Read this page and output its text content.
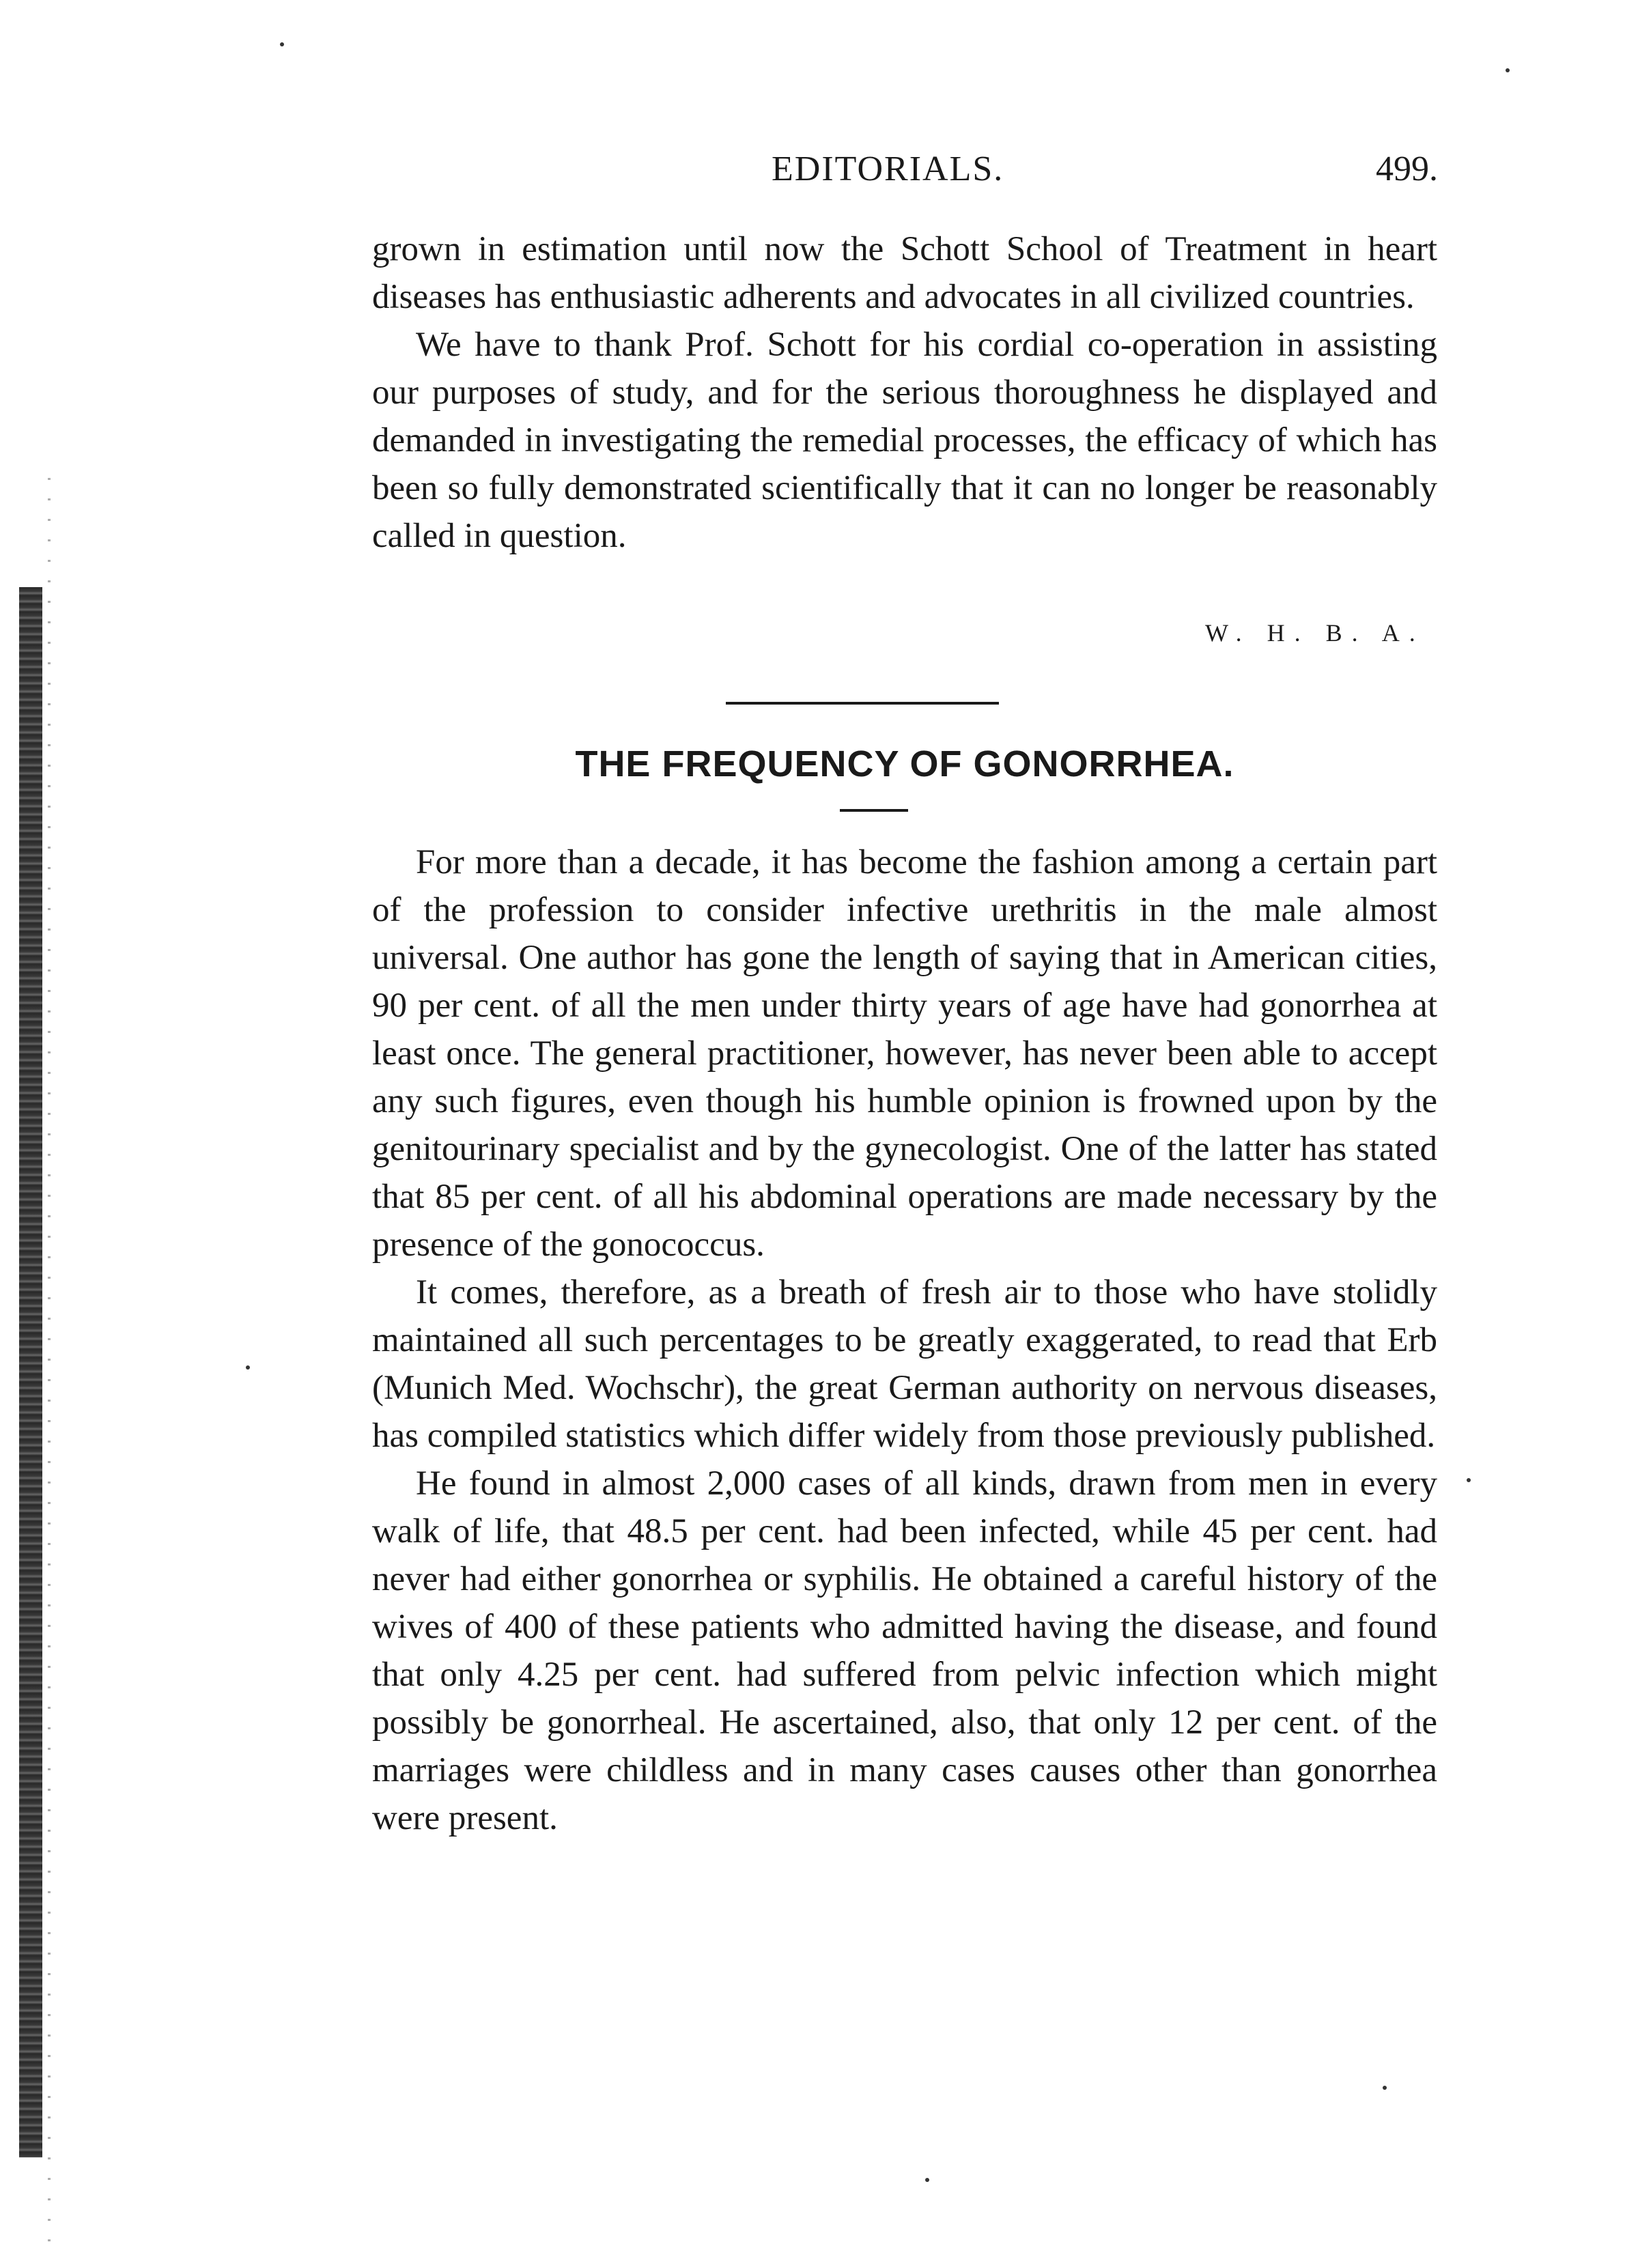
EDITORIALS.	499.

grown in estimation until now the Schott School of Treatment in heart diseases has enthusiastic adherents and advocates in all civilized countries.

We have to thank Prof. Schott for his cordial co-operation in assisting our purposes of study, and for the serious thoroughness he displayed and demanded in investigating the remedial processes, the efficacy of which has been so fully demonstrated scientifically that it can no longer be reasonably called in question.

W. H. B. A.
THE FREQUENCY OF GONORRHEA.

For more than a decade, it has become the fashion among a certain part of the profession to consider infective urethritis in the male almost universal. One author has gone the length of saying that in American cities, 90 per cent. of all the men under thirty years of age have had gonorrhea at least once. The general practitioner, however, has never been able to accept any such figures, even though his humble opinion is frowned upon by the genitourinary specialist and by the gynecologist. One of the latter has stated that 85 per cent. of all his abdominal operations are made necessary by the presence of the gonococcus.

It comes, therefore, as a breath of fresh air to those who have stolidly maintained all such percentages to be greatly exaggerated, to read that Erb (Munich Med. Wochschr), the great German authority on nervous diseases, has compiled statistics which differ widely from those previously published.

He found in almost 2,000 cases of all kinds, drawn from men in every walk of life, that 48.5 per cent. had been infected, while 45 per cent. had never had either gonorrhea or syphilis. He obtained a careful history of the wives of 400 of these patients who admitted having the disease, and found that only 4.25 per cent. had suffered from pelvic infection which might possibly be gonorrheal. He ascertained, also, that only 12 per cent. of the marriages were childless and in many cases causes other than gonorrhea were present.
